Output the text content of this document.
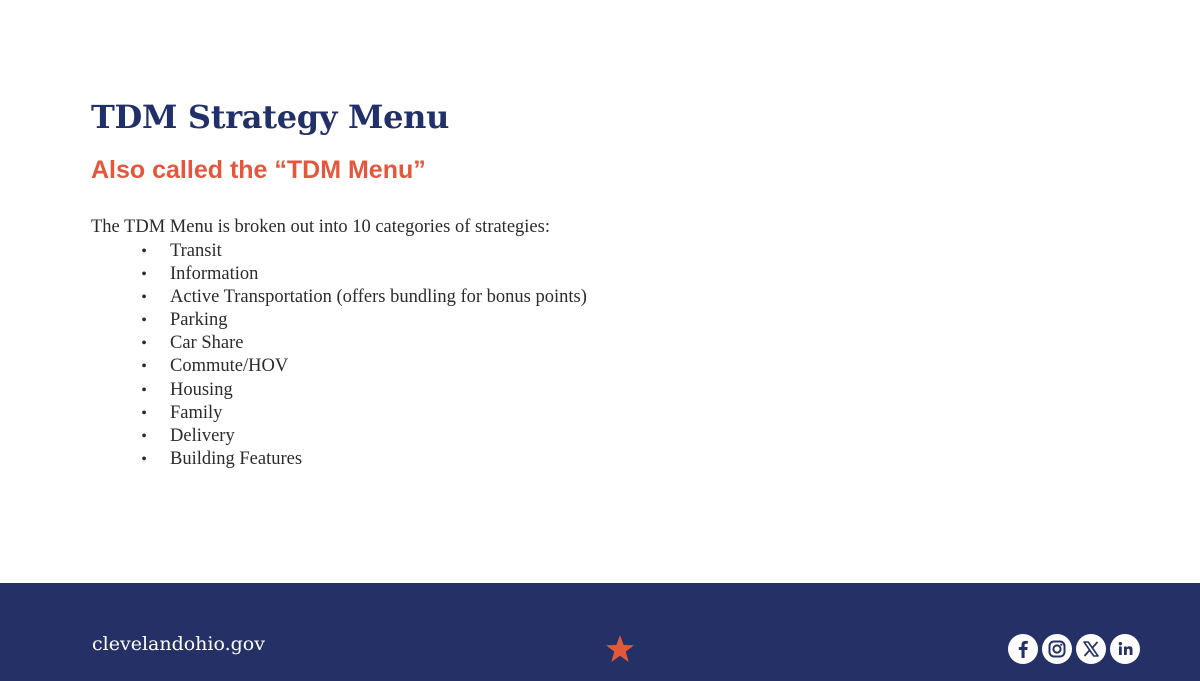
TDM Strategy Menu
Also called the “TDM Menu”
The TDM Menu is broken out into 10 categories of strategies:
• Transit
• Information
• Active Transportation (offers bundling for bonus points)
• Parking
• Car Share
• Commute/HOV
• Housing
• Family
• Delivery
• Building Features
clevelandohio.gov
